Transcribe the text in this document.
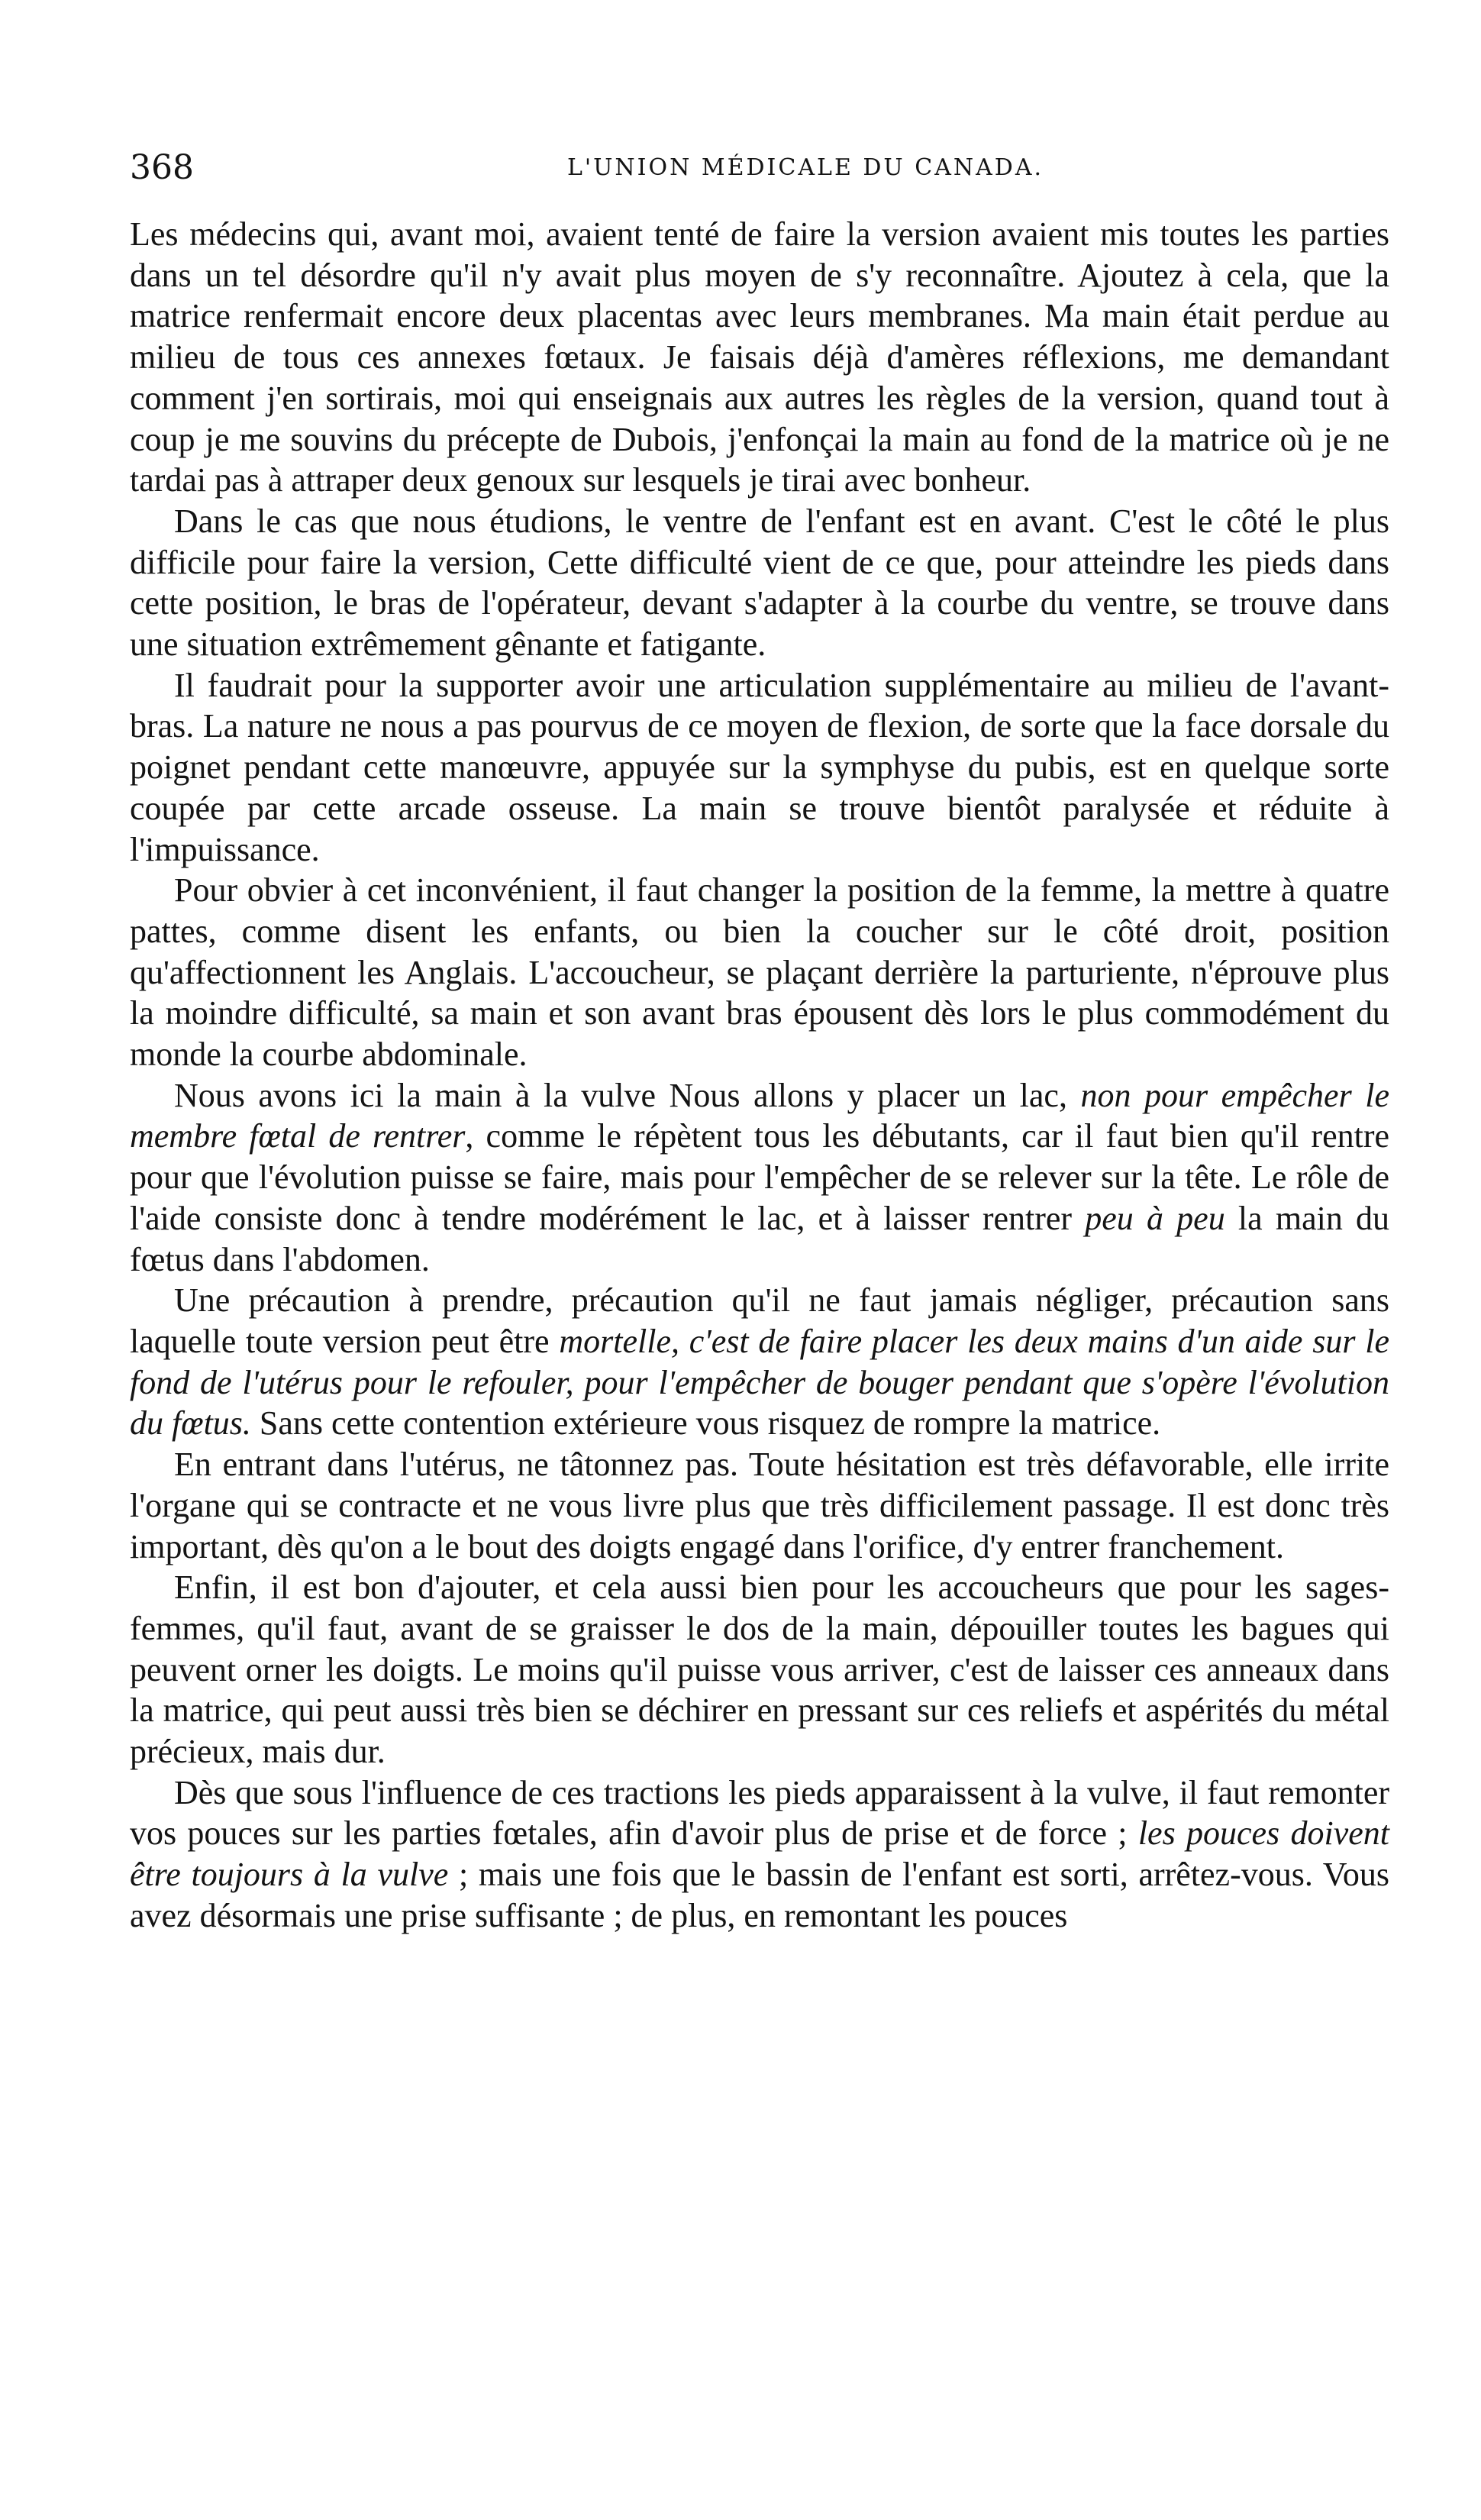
368	L'UNION MÉDICALE DU CANADA.

Les médecins qui, avant moi, avaient tenté de faire la version avaient mis toutes les parties dans un tel désordre qu'il n'y avait plus moyen de s'y reconnaître. Ajoutez à cela, que la matrice renfermait encore deux placentas avec leurs membranes. Ma main était perdue au milieu de tous ces annexes fœtaux. Je faisais déjà d'amères réflexions, me demandant comment j'en sortirais, moi qui enseignais aux autres les règles de la version, quand tout à coup je me souvins du précepte de Dubois, j'enfonçai la main au fond de la matrice où je ne tardai pas à attraper deux genoux sur lesquels je tirai avec bonheur.

Dans le cas que nous étudions, le ventre de l'enfant est en avant. C'est le côté le plus difficile pour faire la version, Cette difficulté vient de ce que, pour atteindre les pieds dans cette position, le bras de l'opérateur, devant s'adapter à la courbe du ventre, se trouve dans une situation extrêmement gênante et fatigante.

Il faudrait pour la supporter avoir une articulation supplémentaire au milieu de l'avant-bras. La nature ne nous a pas pourvus de ce moyen de flexion, de sorte que la face dorsale du poignet pendant cette manœuvre, appuyée sur la symphyse du pubis, est en quelque sorte coupée par cette arcade osseuse. La main se trouve bientôt paralysée et réduite à l'impuissance.

Pour obvier à cet inconvénient, il faut changer la position de la femme, la mettre à quatre pattes, comme disent les enfants, ou bien la coucher sur le côté droit, position qu'affectionnent les Anglais. L'accoucheur, se plaçant derrière la parturiente, n'éprouve plus la moindre difficulté, sa main et son avant bras épousent dès lors le plus commodément du monde la courbe abdominale.

Nous avons ici la main à la vulve Nous allons y placer un lac, non pour empêcher le membre fœtal de rentrer, comme le répètent tous les débutants, car il faut bien qu'il rentre pour que l'évolution puisse se faire, mais pour l'empêcher de se relever sur la tête. Le rôle de l'aide consiste donc à tendre modérément le lac, et à laisser rentrer peu à peu la main du fœtus dans l'abdomen.

Une précaution à prendre, précaution qu'il ne faut jamais négliger, précaution sans laquelle toute version peut être mortelle, c'est de faire placer les deux mains d'un aide sur le fond de l'utérus pour le refouler, pour l'empêcher de bouger pendant que s'opère l'évolution du fœtus. Sans cette contention extérieure vous risquez de rompre la matrice.

En entrant dans l'utérus, ne tâtonnez pas. Toute hésitation est très défavorable, elle irrite l'organe qui se contracte et ne vous livre plus que très difficilement passage. Il est donc très important, dès qu'on a le bout des doigts engagé dans l'orifice, d'y entrer franchement.

Enfin, il est bon d'ajouter, et cela aussi bien pour les accoucheurs que pour les sages-femmes, qu'il faut, avant de se graisser le dos de la main, dépouiller toutes les bagues qui peuvent orner les doigts. Le moins qu'il puisse vous arriver, c'est de laisser ces anneaux dans la matrice, qui peut aussi très bien se déchirer en pressant sur ces reliefs et aspérités du métal précieux, mais dur.

Dès que sous l'influence de ces tractions les pieds apparaissent à la vulve, il faut remonter vos pouces sur les parties fœtales, afin d'avoir plus de prise et de force ; les pouces doivent être toujours à la vulve ; mais une fois que le bassin de l'enfant est sorti, arrêtez-vous. Vous avez désormais une prise suffisante ; de plus, en remontant les pouces
